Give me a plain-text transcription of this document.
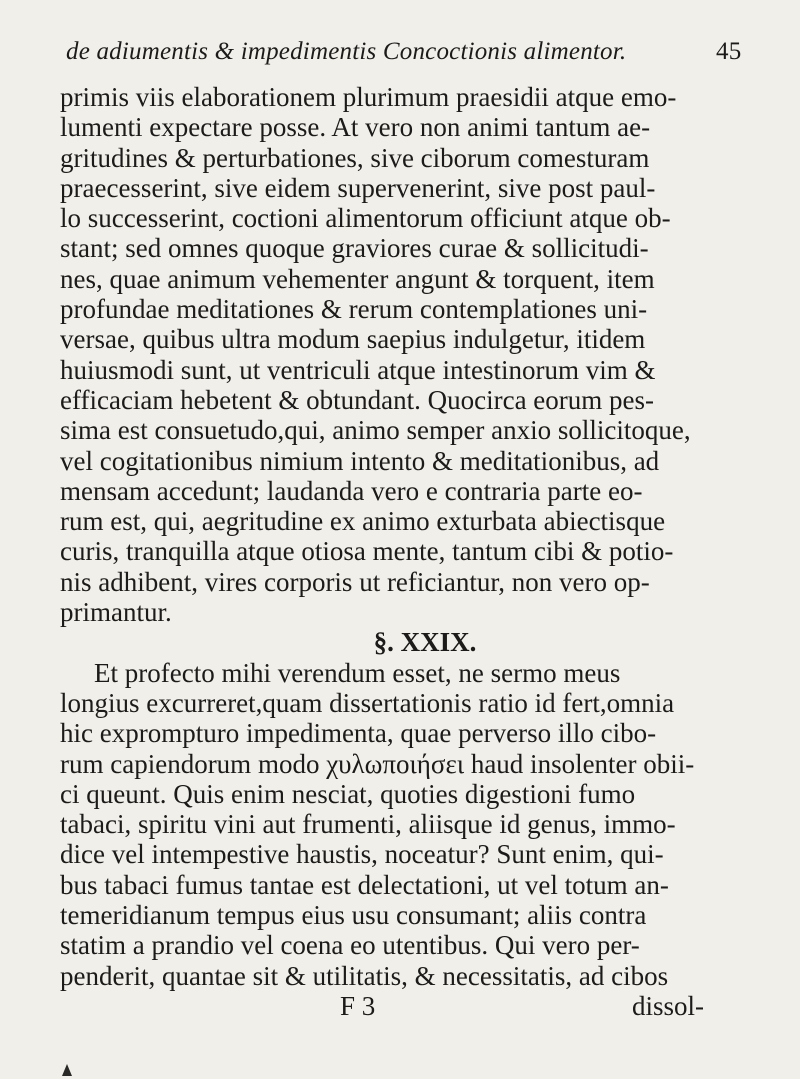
de adiumentis & impedimentis Concoctionis alimentor.	45
primis viis elaborationem plurimum praesidii atque emo-
lumenti expectare posse. At vero non animi tantum ae-
gritudines & perturbationes, sive ciborum comesturam
praecesserint, sive eidem supervenerint, sive post paul-
lo successerint, coctioni alimentorum officiunt atque ob-
stant; sed omnes quoque graviores curae & sollicitudi-
nes, quae animum vehementer angunt & torquent, item
profundae meditationes & rerum contemplationes uni-
versae, quibus ultra modum saepius indulgetur, itidem
huiusmodi sunt, ut ventriculi atque intestinorum vim &
efficaciam hebetent & obtundant. Quocirca eorum pes-
sima est consuetudo,qui, animo semper anxio sollicitoque,
vel cogitationibus nimium intento & meditationibus, ad
mensam accedunt; laudanda vero e contraria parte eo-
rum est, qui, aegritudine ex animo exturbata abiectisque
curis, tranquilla atque otiosa mente, tantum cibi & potio-
nis adhibent, vires corporis ut reficiantur, non vero op-
primantur.
§. XXIX.
Et profecto mihi verendum esset, ne sermo meus
longius excurreret,quam dissertationis ratio id fert,omnia
hic exprompturo impedimenta, quae perverso illo cibo-
rum capiendorum modo χυλωποιήσει haud insolenter obii-
ci queunt. Quis enim nesciat, quoties digestioni fumo
tabaci, spiritu vini aut frumenti, aliisque id genus, immo-
dice vel intempestive haustis, noceatur? Sunt enim, qui-
bus tabaci fumus tantae est delectationi, ut vel totum an-
temeridianum tempus eius usu consumant; aliis contra
statim a prandio vel coena eo utentibus. Qui vero per-
penderit, quantae sit & utilitatis, & necessitatis, ad cibos
F 3	dissol-
